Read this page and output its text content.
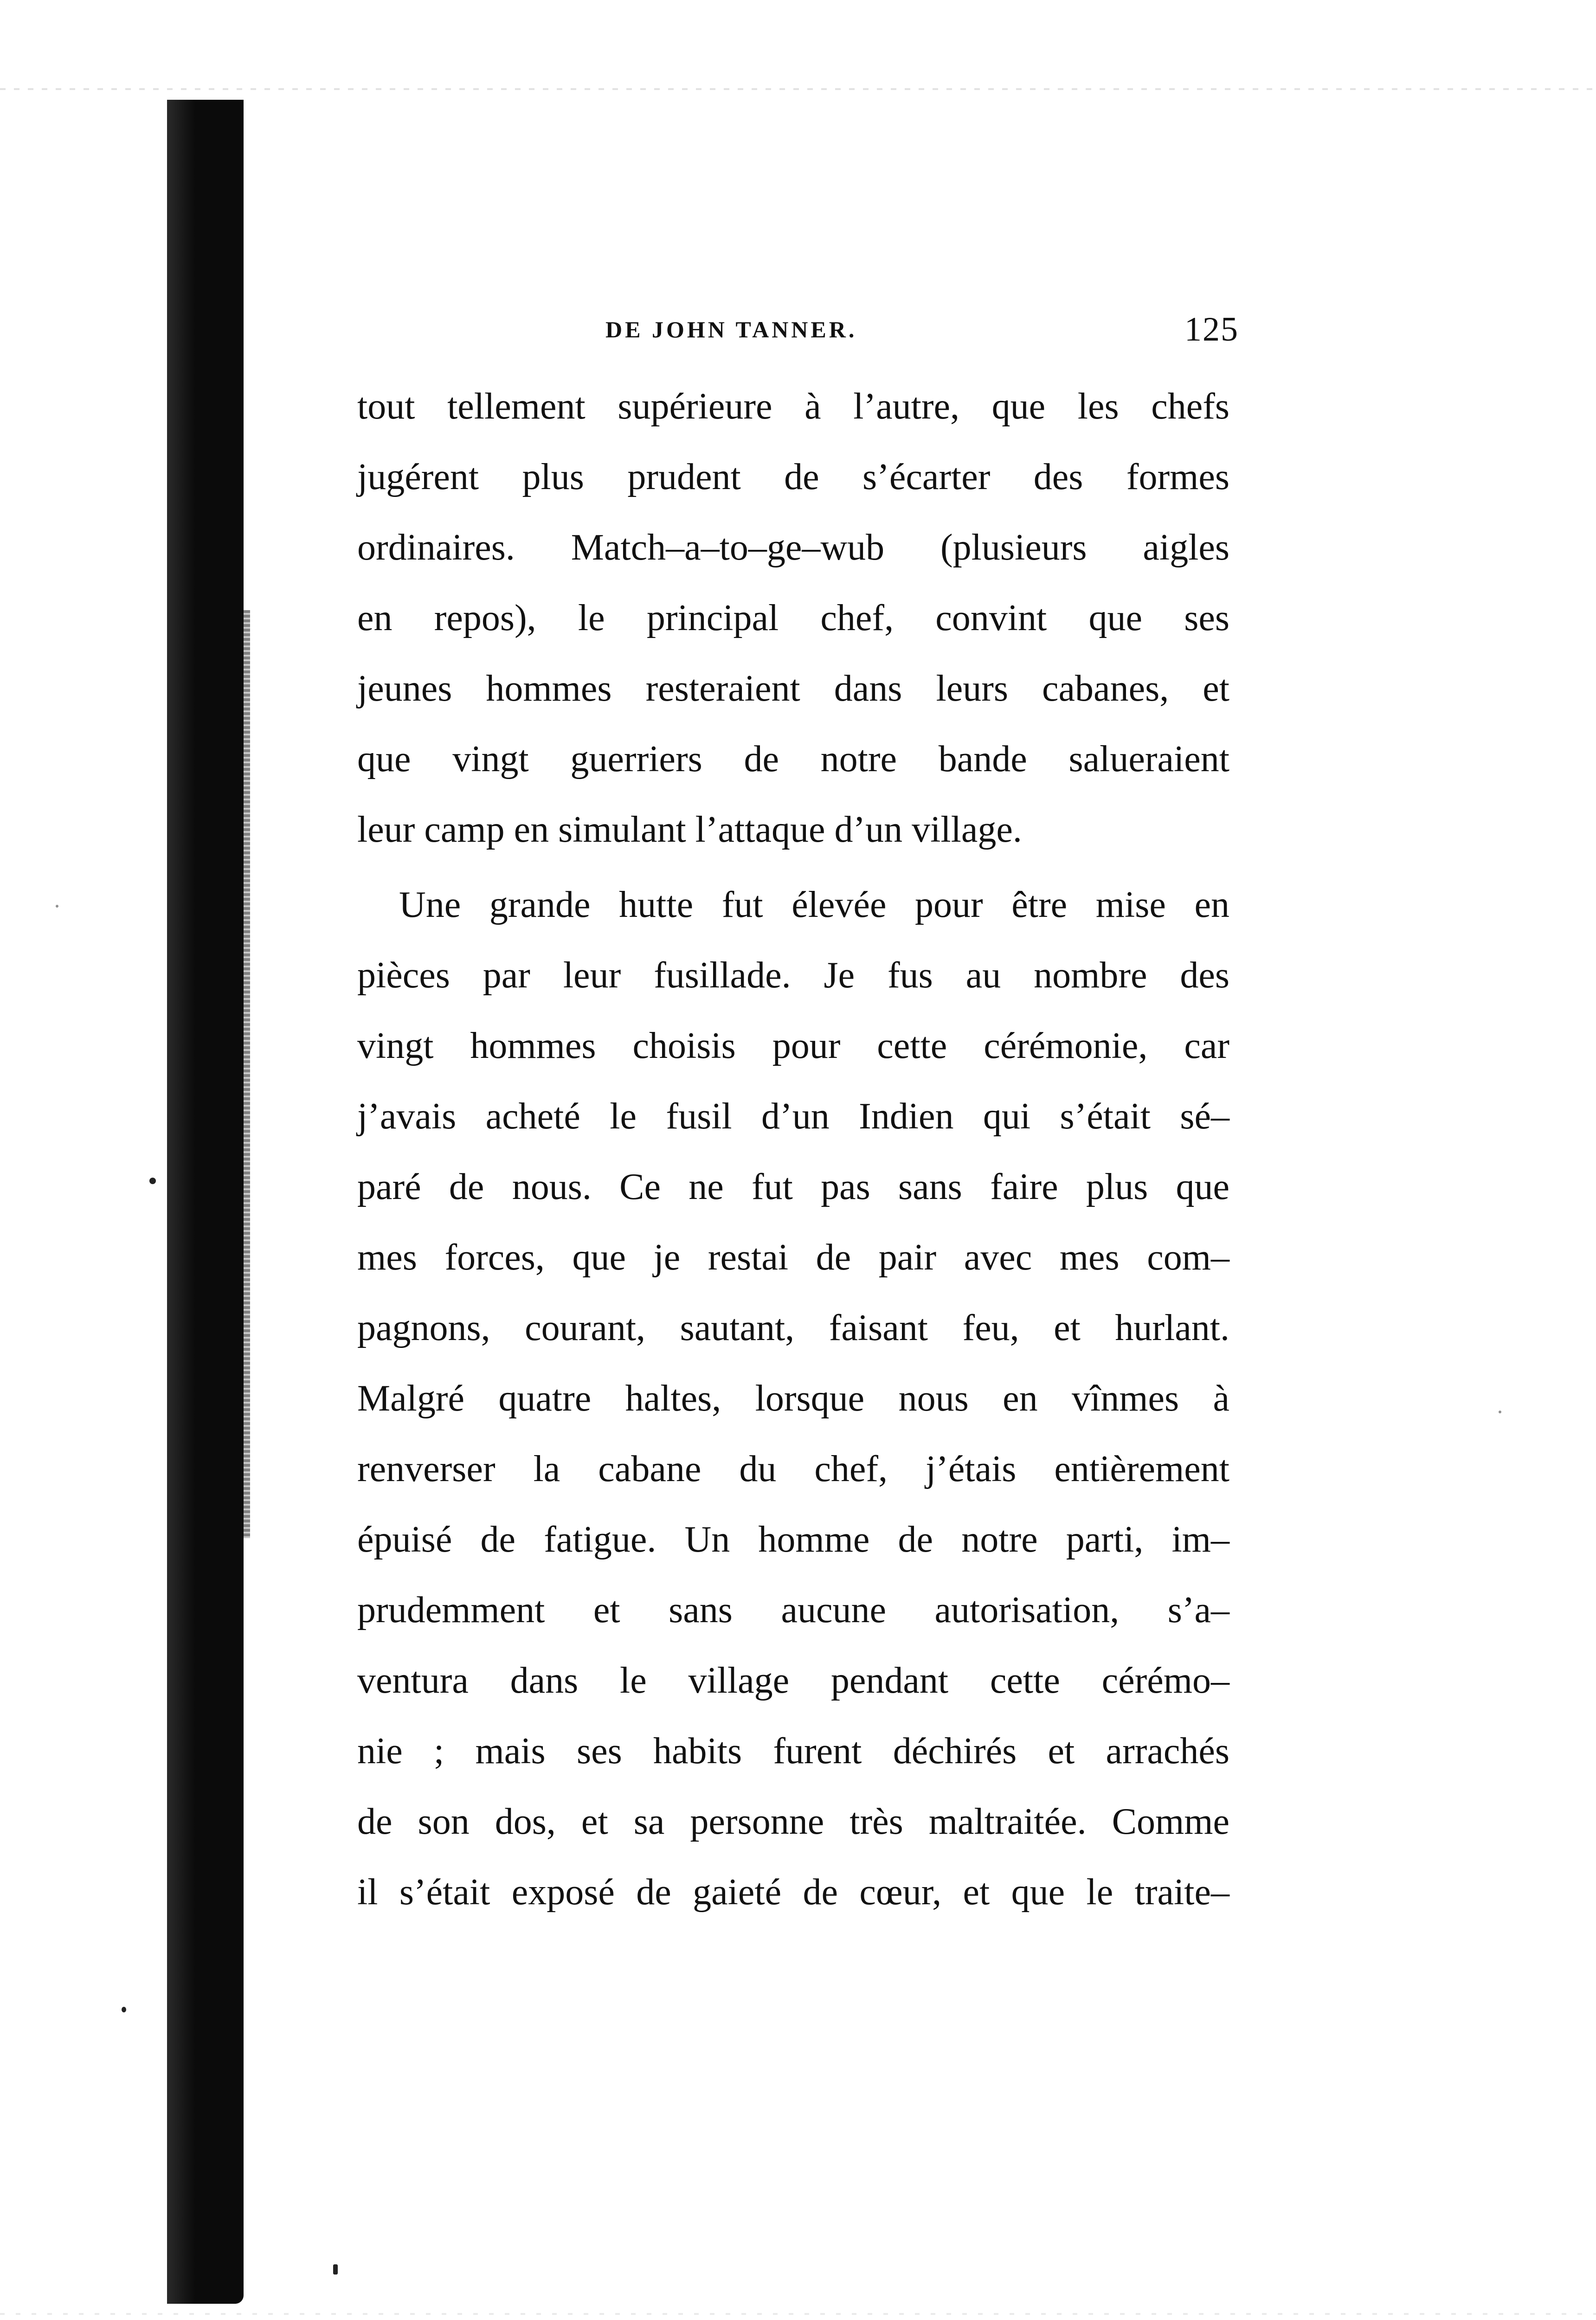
DE JOHN TANNER.	125
tout tellement supérieure à l’autre, que les chefs
jugérent plus prudent de s’écarter des formes
ordinaires. Match–a–to–ge–wub (plusieurs aigles
en repos), le principal chef, convint que ses
jeunes hommes resteraient dans leurs cabanes, et
que vingt guerriers de notre bande salueraient
leur camp en simulant l’attaque d’un village.
Une grande hutte fut élevée pour être mise en
pièces par leur fusillade. Je fus au nombre des
vingt hommes choisis pour cette cérémonie, car
j’avais acheté le fusil d’un Indien qui s’était sé–
paré de nous. Ce ne fut pas sans faire plus que
mes forces, que je restai de pair avec mes com–
pagnons, courant, sautant, faisant feu, et hurlant.
Malgré quatre haltes, lorsque nous en vînmes à
renverser la cabane du chef, j’étais entièrement
épuisé de fatigue. Un homme de notre parti, im–
prudemment et sans aucune autorisation, s’a–
ventura dans le village pendant cette cérémo–
nie ; mais ses habits furent déchirés et arrachés
de son dos, et sa personne très maltraitée. Comme
il s’était exposé de gaieté de cœur, et que le traite–
